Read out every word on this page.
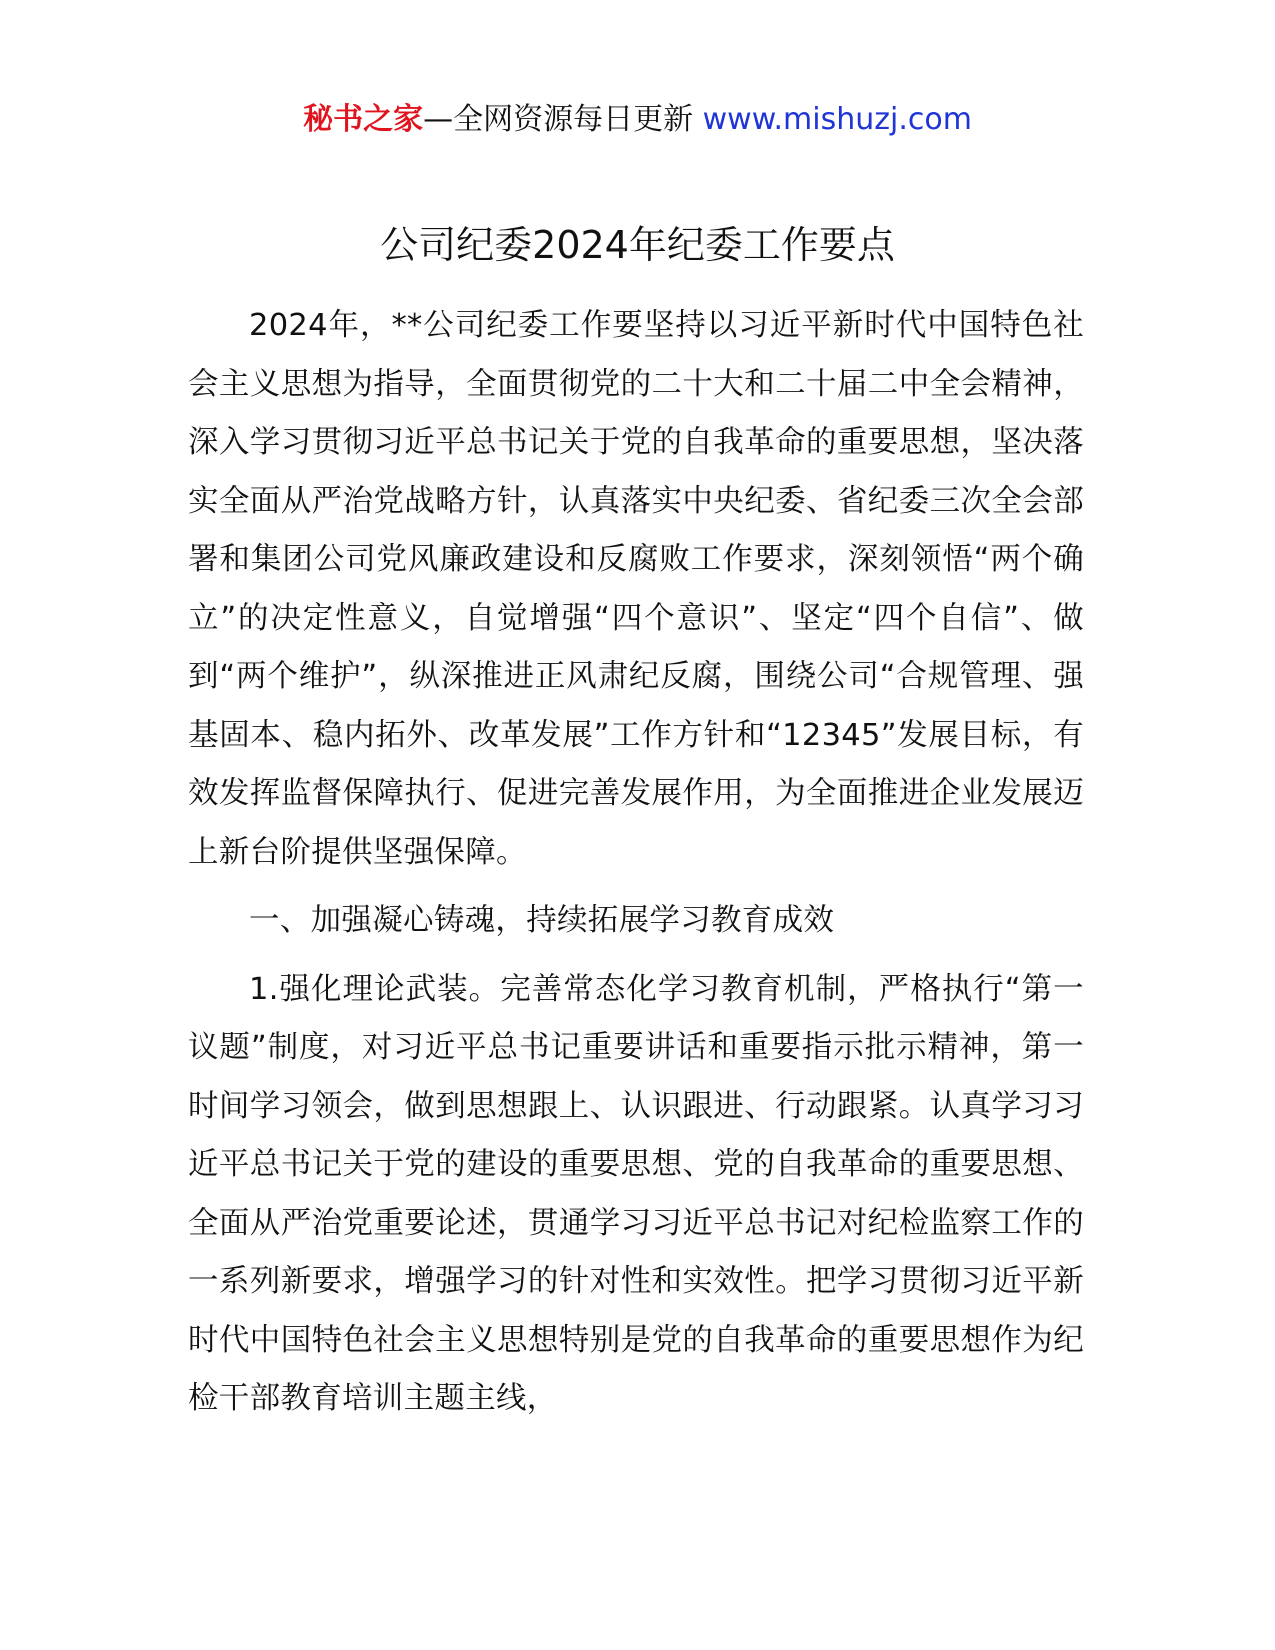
秘书之家—全网资源每日更新 www.mishuzj.com
公司纪委2024年纪委工作要点

2024年，**公司纪委工作要坚持以习近平新时代中国特色社会主义思想为指导，全面贯彻党的二十大和二十届二中全会精神，深入学习贯彻习近平总书记关于党的自我革命的重要思想，坚决落实全面从严治党战略方针，认真落实中央纪委、省纪委三次全会部署和集团公司党风廉政建设和反腐败工作要求，深刻领悟“两个确立”的决定性意义，自觉增强“四个意识”、坚定“四个自信”、做到“两个维护”，纵深推进正风肃纪反腐，围绕公司“合规管理、强基固本、稳内拓外、改革发展”工作方针和“12345”发展目标，有效发挥监督保障执行、促进完善发展作用，为全面推进企业发展迈上新台阶提供坚强保障。

一、加强凝心铸魂，持续拓展学习教育成效

1.强化理论武装。完善常态化学习教育机制，严格执行“第一议题”制度，对习近平总书记重要讲话和重要指示批示精神，第一时间学习领会，做到思想跟上、认识跟进、行动跟紧。认真学习习近平总书记关于党的建设的重要思想、党的自我革命的重要思想、全面从严治党重要论述，贯通学习习近平总书记对纪检监察工作的一系列新要求，增强学习的针对性和实效性。把学习贯彻习近平新时代中国特色社会主义思想特别是党的自我革命的重要思想作为纪检干部教育培训主题主线，
